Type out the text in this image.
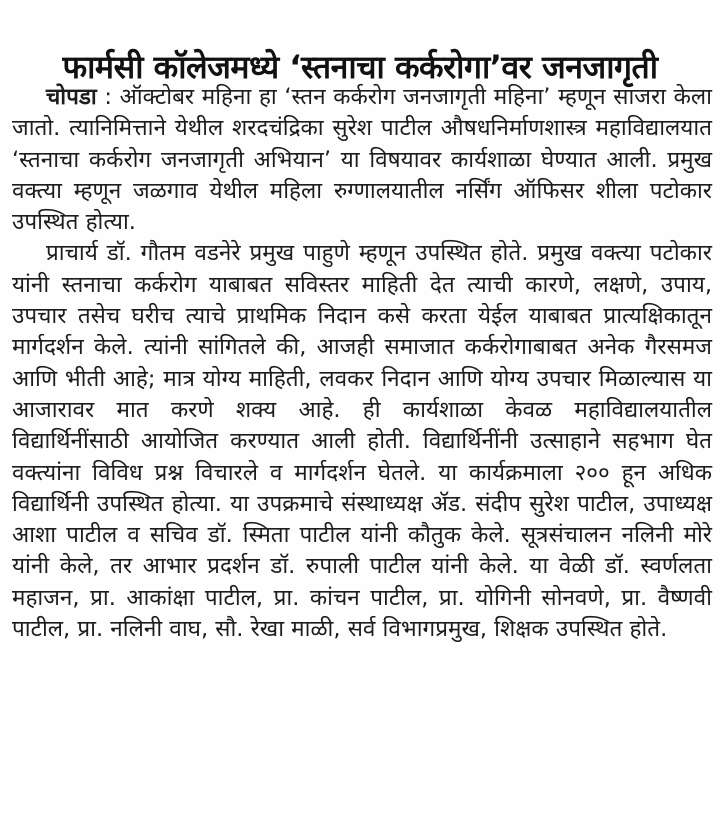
फार्मसी कॉलेजमध्ये ‘स्तनाचा कर्करोगा’वर जनजागृती

चोपडा : ऑक्टोबर महिना हा ‘स्तन कर्करोग जनजागृती महिना’ म्हणून साजरा केला जातो. त्यानिमित्ताने येथील शरदचंद्रिका सुरेश पाटील औषधनिर्माणशास्त्र महाविद्यालयात ‘स्तनाचा कर्करोग जनजागृती अभियान’ या विषयावर कार्यशाळा घेण्यात आली. प्रमुख वक्त्या म्हणून जळगाव येथील महिला रुग्णालयातील नर्सिंग ऑफिसर शीला पटोकार उपस्थित होत्या.

प्राचार्य डॉ. गौतम वडनेरे प्रमुख पाहुणे म्हणून उपस्थित होते. प्रमुख वक्त्या पटोकार यांनी स्तनाचा कर्करोग याबाबत सविस्तर माहिती देत त्याची कारणे, लक्षणे, उपाय, उपचार तसेच घरीच त्याचे प्राथमिक निदान कसे करता येईल याबाबत प्रात्यक्षिकातून मार्गदर्शन केले. त्यांनी सांगितले की, आजही समाजात कर्करोगाबाबत अनेक गैरसमज आणि भीती आहे; मात्र योग्य माहिती, लवकर निदान आणि योग्य उपचार मिळाल्यास या आजारावर मात करणे शक्य आहे. ही कार्यशाळा केवळ महाविद्यालयातील विद्यार्थिनींसाठी आयोजित करण्यात आली होती. विद्यार्थिनींनी उत्साहाने सहभाग घेत वक्त्यांना विविध प्रश्न विचारले व मार्गदर्शन घेतले. या कार्यक्रमाला २०० हून अधिक विद्यार्थिनी उपस्थित होत्या. या उपक्रमाचे संस्थाध्यक्ष ॲड. संदीप सुरेश पाटील, उपाध्यक्ष आशा पाटील व सचिव डॉ. स्मिता पाटील यांनी कौतुक केले. सूत्रसंचालन नलिनी मोरे यांनी केले, तर आभार प्रदर्शन डॉ. रुपाली पाटील यांनी केले. या वेळी डॉ. स्वर्णलता महाजन, प्रा. आकांक्षा पाटील, प्रा. कांचन पाटील, प्रा. योगिनी सोनवणे, प्रा. वैष्णवी पाटील, प्रा. नलिनी वाघ, सौ. रेखा माळी, सर्व विभागप्रमुख, शिक्षक उपस्थित होते.
